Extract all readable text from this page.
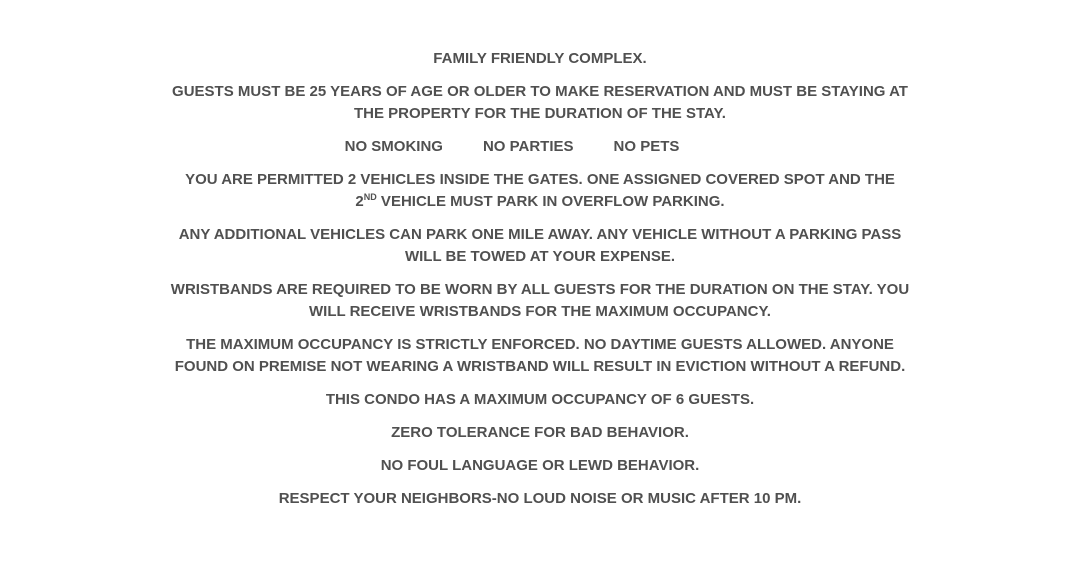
FAMILY FRIENDLY COMPLEX.
GUESTS MUST BE 25 YEARS OF AGE OR OLDER TO MAKE RESERVATION AND MUST BE STAYING AT
THE PROPERTY FOR THE DURATION OF THE STAY.
NO SMOKING	NO PARTIES	NO PETS
YOU ARE PERMITTED 2 VEHICLES INSIDE THE GATES. ONE ASSIGNED COVERED SPOT AND THE
2ND VEHICLE MUST PARK IN OVERFLOW PARKING.
ANY ADDITIONAL VEHICLES CAN PARK ONE MILE AWAY. ANY VEHICLE WITHOUT A PARKING PASS
WILL BE TOWED AT YOUR EXPENSE.
WRISTBANDS ARE REQUIRED TO BE WORN BY ALL GUESTS FOR THE DURATION ON THE STAY. YOU
WILL RECEIVE WRISTBANDS FOR THE MAXIMUM OCCUPANCY.
THE MAXIMUM OCCUPANCY IS STRICTLY ENFORCED. NO DAYTIME GUESTS ALLOWED. ANYONE
FOUND ON PREMISE NOT WEARING A WRISTBAND WILL RESULT IN EVICTION WITHOUT A REFUND.
THIS CONDO HAS A MAXIMUM OCCUPANCY OF 6 GUESTS.
ZERO TOLERANCE FOR BAD BEHAVIOR.
NO FOUL LANGUAGE OR LEWD BEHAVIOR.
RESPECT YOUR NEIGHBORS-NO LOUD NOISE OR MUSIC AFTER 10 PM.
